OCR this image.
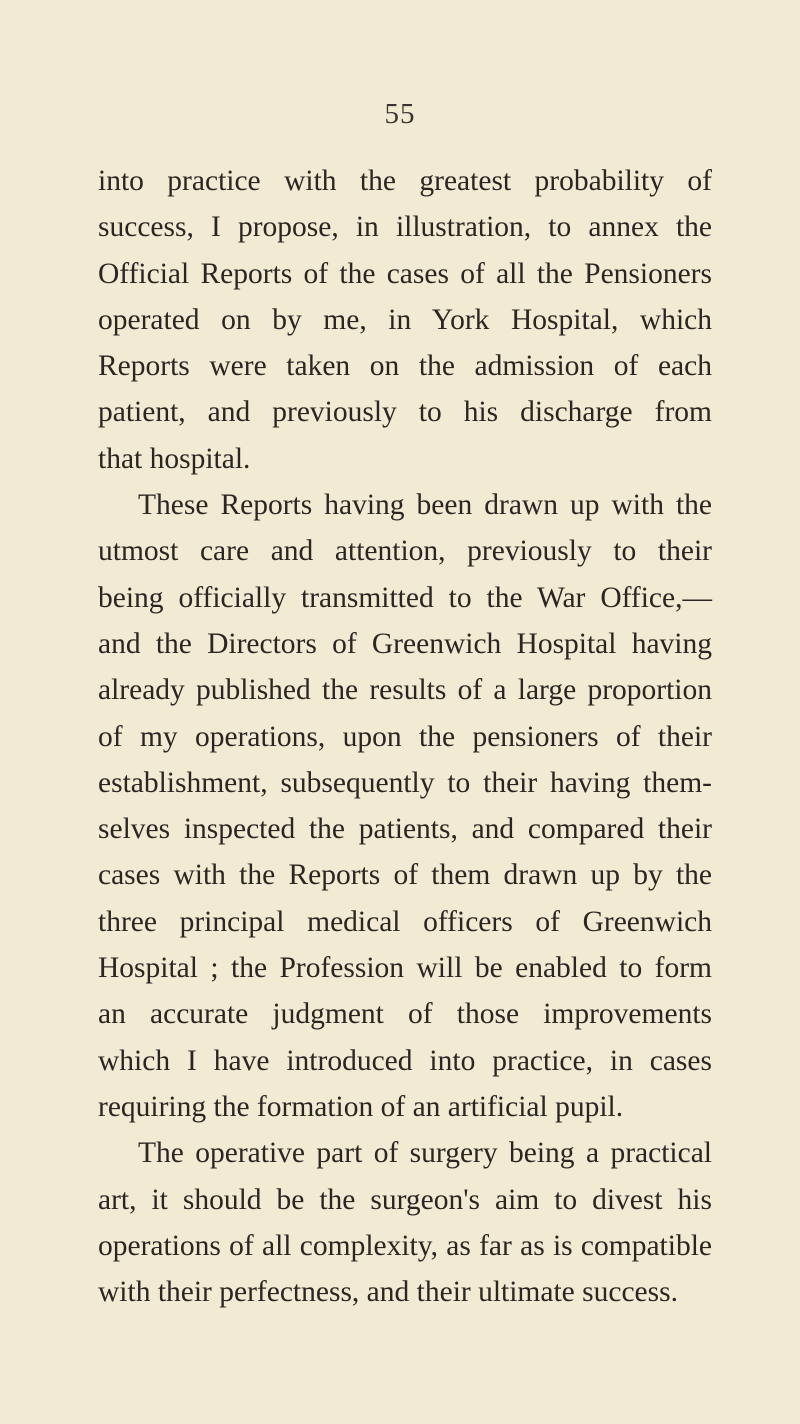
55
into practice with the greatest probability of
success, I propose, in illustration, to annex the
Official Reports of the cases of all the Pensioners
operated on by me, in York Hospital, which
Reports were taken on the admission of each
patient, and previously to his discharge from
that hospital.
These Reports having been drawn up with the
utmost care and attention, previously to their
being officially transmitted to the War Office,—
and the Directors of Greenwich Hospital having
already published the results of a large proportion
of my operations, upon the pensioners of their
establishment, subsequently to their having them-
selves inspected the patients, and compared their
cases with the Reports of them drawn up by the
three principal medical officers of Greenwich
Hospital ; the Profession will be enabled to form
an accurate judgment of those improvements
which I have introduced into practice, in cases
requiring the formation of an artificial pupil.
The operative part of surgery being a practical
art, it should be the surgeon's aim to divest his
operations of all complexity, as far as is compatible
with their perfectness, and their ultimate success.
